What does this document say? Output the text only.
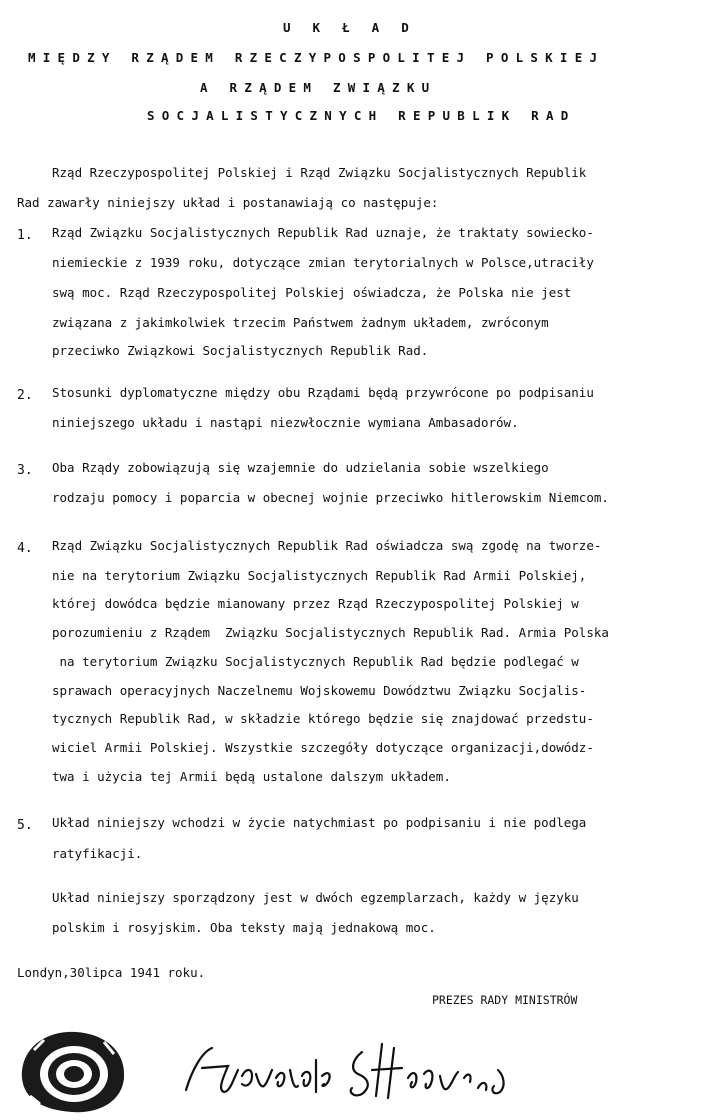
U K Ł A D
MIĘDZY RZĄDEM RZECZYPOSPOLITEJ POLSKIEJ
A RZĄDEM ZWIĄZKU
SOCJALISTYCZNYCH REPUBLIK RAD
Rząd Rzeczypospolitej Polskiej i Rząd Związku Socjalistycznych Republik
Rad zawarły niniejszy układ i postanawiają co następuje:
1. Rząd Związku Socjalistycznych Republik Rad uznaje, że traktaty sowiecko-
niemieckie z 1939 roku, dotyczące zmian terytorialnych w Polsce,utraciły
swą moc. Rząd Rzeczypospolitej Polskiej oświadcza, że Polska nie jest
związana z jakimkolwiek trzecim Państwem żadnym układem, zwróconym
przeciwko Związkowi Socjalistycznych Republik Rad.
2. Stosunki dyplomatyczne między obu Rządami będą przywrócone po podpisaniu
niniejszego układu i nastąpi niezwłocznie wymiana Ambasadorów.
3. Oba Rządy zobowiązują się wzajemnie do udzielania sobie wszelkiego
rodzaju pomocy i poparcia w obecnej wojnie przeciwko hitlerowskim Niemcom.
4. Rząd Związku Socjalistycznych Republik Rad oświadcza swą zgodę na tworze-
nie na terytorium Związku Socjalistycznych Republik Rad Armii Polskiej,
której dowódca będzie mianowany przez Rząd Rzeczypospolitej Polskiej w
porozumieniu z Rządem  Związku Socjalistycznych Republik Rad. Armia Polska
na terytorium Związku Socjalistycznych Republik Rad będzie podlegać w
sprawach operacyjnych Naczelnemu Wojskowemu Dowództwu Związku Socjalis-
tycznych Republik Rad, w składzie którego będzie się znajdować przedstu-
wiciel Armii Polskiej. Wszystkie szczegóły dotyczące organizacji,dowódz-
twa i użycia tej Armii będą ustalone dalszym układem.
5. Układ niniejszy wchodzi w życie natychmiast po podpisaniu i nie podlega
ratyfikacji.
Układ niniejszy sporządzony jest w dwóch egzemplarzach, każdy w języku
polskim i rosyjskim. Oba teksty mają jednakową moc.
Londyn,30lipca 1941 roku.
PREZES RADY MINISTRÓW
